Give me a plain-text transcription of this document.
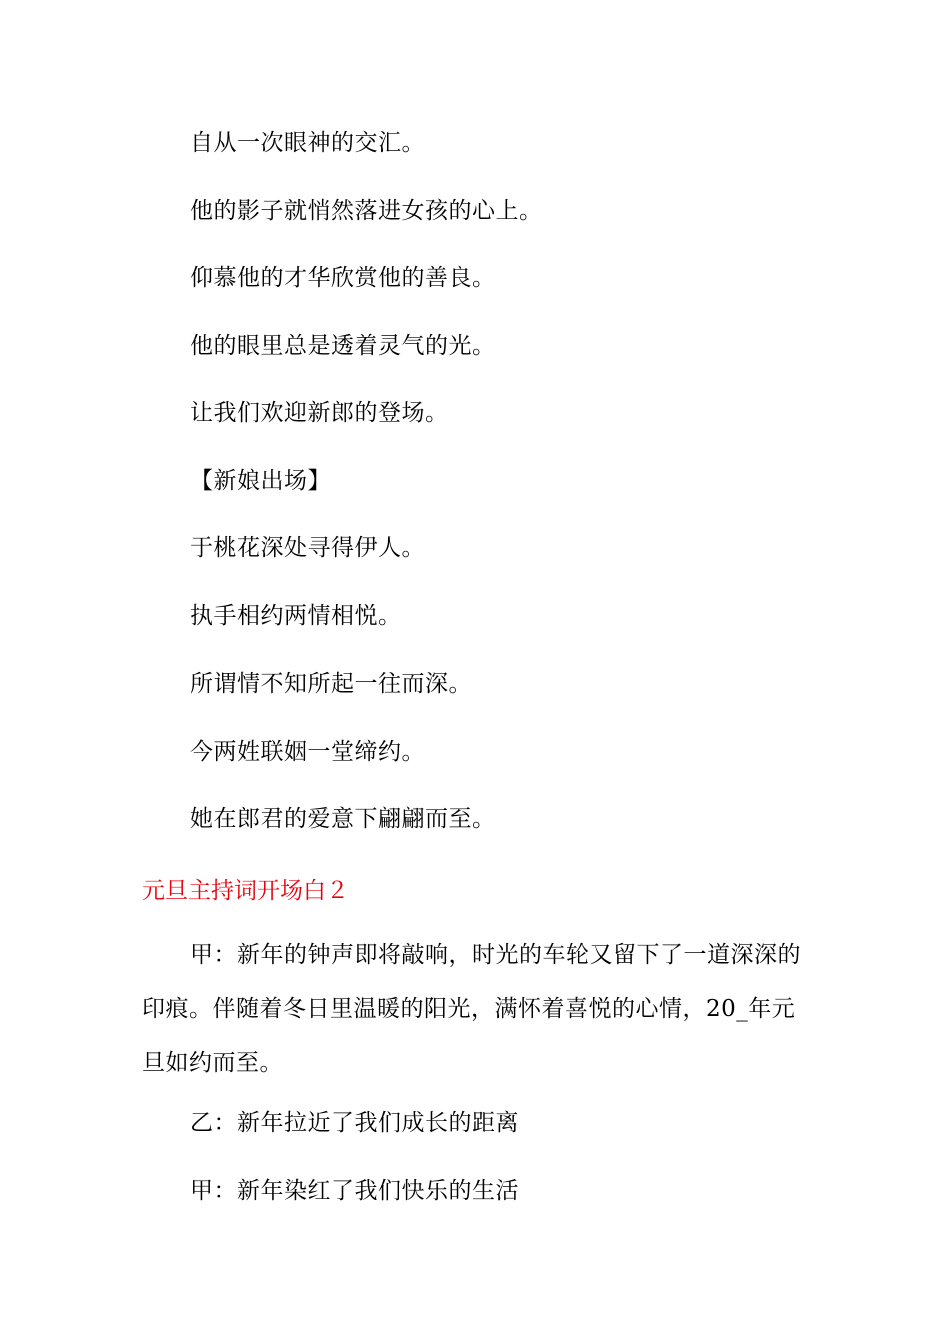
自从一次眼神的交汇。
他的影子就悄然落进女孩的心上。
仰慕他的才华欣赏他的善良。
他的眼里总是透着灵气的光。
让我们欢迎新郎的登场。
【新娘出场】
于桃花深处寻得伊人。
执手相约两情相悦。
所谓情不知所起一往而深。
今两姓联姻一堂缔约。
她在郎君的爱意下翩翩而至。
元旦主持词开场白２
甲：新年的钟声即将敲响，时光的车轮又留下了一道深深的印痕。伴随着冬日里温暖的阳光，满怀着喜悦的心情，20_年元旦如约而至。
乙：新年拉近了我们成长的距离
甲：新年染红了我们快乐的生活
